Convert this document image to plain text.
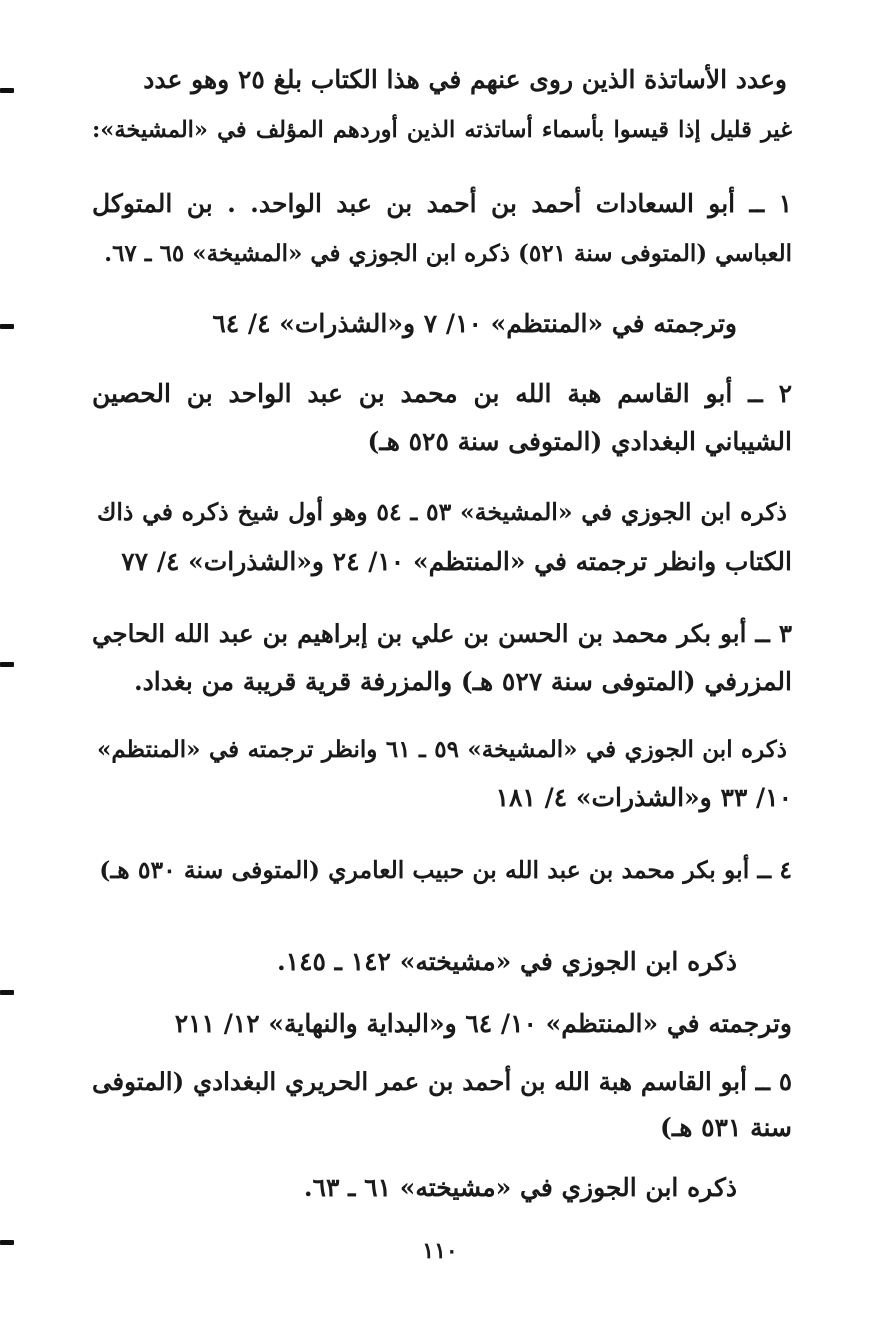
وعدد الأساتذة الذين روى عنهم في هذا الكتاب بلغ ٢٥ وهو عدد
غير قليل إذا قيسوا بأسماء أساتذته الذين أوردهم المؤلف في «المشيخة»:
١ ــ أبو السعادات أحمد بن أحمد بن عبد الواحد. . بن المتوكل
العباسي (المتوفى سنة ٥٢١) ذكره ابن الجوزي في «المشيخة» ٦٥ ـ ٦٧.
وترجمته في «المنتظم» ١٠/ ٧ و«الشذرات» ٤/ ٦٤
٢ ــ أبو القاسم هبة الله بن محمد بن عبد الواحد بن الحصين
الشيباني البغدادي (المتوفى سنة ٥٢٥ هـ)
ذكره ابن الجوزي في «المشيخة» ٥٣ ـ ٥٤ وهو أول شيخ ذكره في ذاك
الكتاب وانظر ترجمته في «المنتظم» ١٠/ ٢٤ و«الشذرات» ٤/ ٧٧
٣ ــ أبو بكر محمد بن الحسن بن علي بن إبراهيم بن عبد الله الحاجي
المزرفي (المتوفى سنة ٥٢٧ هـ) والمزرفة قرية قريبة من بغداد.
ذكره ابن الجوزي في «المشيخة» ٥٩ ـ ٦١ وانظر ترجمته في «المنتظم»
١٠/ ٣٣ و«الشذرات» ٤/ ١٨١
٤ ــ أبو بكر محمد بن عبد الله بن حبيب العامري (المتوفى سنة ٥٣٠ هـ)
ذكره ابن الجوزي في «مشيخته» ١٤٢ ـ ١٤٥.
وترجمته في «المنتظم» ١٠/ ٦٤ و«البداية والنهاية» ١٢/ ٢١١
٥ ــ أبو القاسم هبة الله بن أحمد بن عمر الحريري البغدادي (المتوفى
سنة ٥٣١ هـ)
ذكره ابن الجوزي في «مشيخته» ٦١ ـ ٦٣.
١١٠
